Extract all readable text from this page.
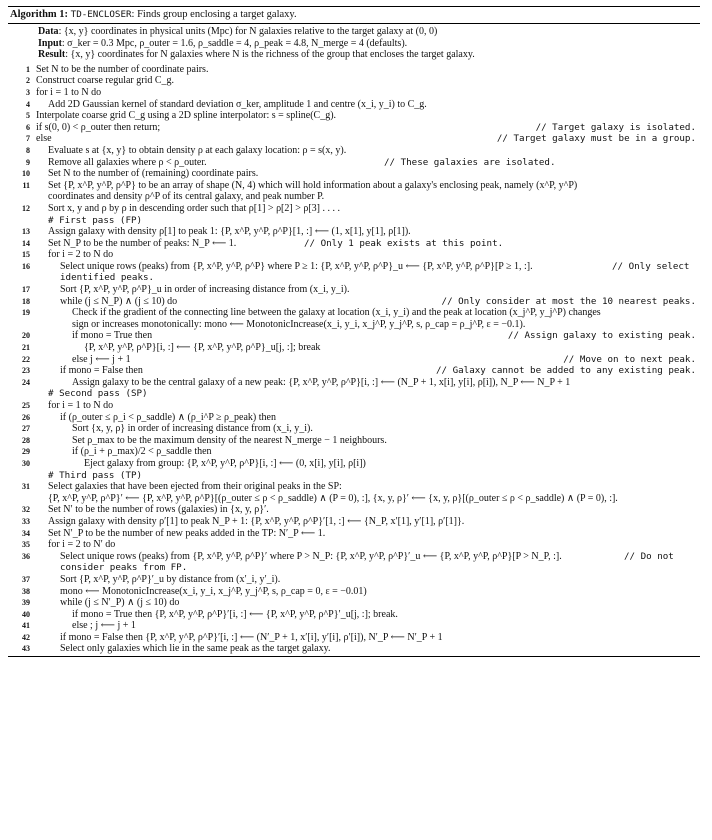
Algorithm 1: TD-ENCLOSER: Finds group enclosing a target galaxy.
Data : {x, y} coordinates in physical units (Mpc) for N galaxies relative to the target galaxy at (0, 0)
Input : σ_ker = 0.3 Mpc, ρ_outer = 1.6, ρ_saddle = 4, ρ_peak = 4.8, N_merge = 4 (defaults).
Result : {x, y} coordinates for N galaxies where N is the richness of the group that encloses the target galaxy.
1 Set N to be the number of coordinate pairs.
2 Construct coarse regular grid C_g.
3 for i = 1 to N do
4	Add 2D Gaussian kernel of standard deviation σ_ker, amplitude 1 and centre (x_i, y_i) to C_g.
5 Interpolate coarse grid C_g using a 2D spline interpolator: s = spline(C_g).
6 if s(0, 0) < ρ_outer then return;	// Target galaxy is isolated.
7 else	// Target galaxy must be in a group.
8	Evaluate s at {x, y} to obtain density ρ at each galaxy location: ρ = s(x, y).
9	Remove all galaxies where ρ < ρ_outer.	// These galaxies are isolated.
10	Set N to the number of (remaining) coordinate pairs.
11	Set {P, x^P, y^P, ρ^P} to be an array of shape (N, 4) which will hold information about a galaxy's enclosing peak, namely (x^P, y^P)
coordinates and density ρ^P of its central galaxy, and peak number P.
12	Sort x, y and ρ by ρ in descending order such that ρ[1] > ρ[2] > ρ[3] . . . .
# First pass (FP)
13	Assign galaxy with density ρ[1] to peak 1: {P, x^P, y^P, ρ^P}[1, :] ⟵ (1, x[1], y[1], ρ[1]).
14	Set N_P to be the number of peaks: N_P ⟵ 1.	// Only 1 peak exists at this point.
15	for i = 2 to N do
16	Select unique rows (peaks) from {P, x^P, y^P, ρ^P} where P ≥ 1: {P, x^P, y^P, ρ^P}_u ⟵ {P, x^P, y^P, ρ^P}[P ≥ 1, :].	// Only select
identified peaks.
17	Sort {P, x^P, y^P, ρ^P}_u in order of increasing distance from (x_i, y_i).
18	while (j ≤ N_P) ∧ (j ≤ 10) do	// Only consider at most the 10 nearest peaks.
19	Check if the gradient of the connecting line between the galaxy at location (x_i, y_i) and the peak at location (x_j^P, y_j^P) changes
sign or increases monotonically: mono ⟵ MonotonicIncrease(x_i, y_i, x_j^P, y_j^P, s, ρ_cap = ρ_j^P, ε = −0.1).
20	if mono = True then	// Assign galaxy to existing peak.
21	{P, x^P, y^P, ρ^P}[i, :] ⟵ {P, x^P, y^P, ρ^P}_u[j, :]; break
22	else j ⟵ j + 1	// Move on to next peak.
23	if mono = False then	// Galaxy cannot be added to any existing peak.
24	Assign galaxy to be the central galaxy of a new peak: {P, x^P, y^P, ρ^P}[i, :] ⟵ (N_P + 1, x[i], y[i], ρ[i]), N_P ⟵ N_P + 1
# Second pass (SP)
25	for i = 1 to N do
26	if (ρ_outer ≤ ρ_i < ρ_saddle) ∧ (ρ_i^P ≥ ρ_peak) then
27	Sort {x, y, ρ} in order of increasing distance from (x_i, y_i).
28	Set ρ_max to be the maximum density of the nearest N_merge − 1 neighbours.
29	if (ρ_i + ρ_max)/2 < ρ_saddle then
30	Eject galaxy from group: {P, x^P, y^P, ρ^P}[i, :] ⟵ (0, x[i], y[i], ρ[i])
# Third pass (TP)
31	Select galaxies that have been ejected from their original peaks in the SP:
{P, x^P, y^P, ρ^P}′ ⟵ {P, x^P, y^P, ρ^P}[(ρ_outer ≤ ρ < ρ_saddle) ∧ (P = 0), :], {x, y, ρ}′ ⟵ {x, y, ρ}[(ρ_outer ≤ ρ < ρ_saddle) ∧ (P = 0), :].
32	Set N′ to be the number of rows (galaxies) in {x, y, ρ}′.
33	Assign galaxy with density ρ′[1] to peak N_P + 1: {P, x^P, y^P, ρ^P}′[1, :] ⟵ {N_P, x′[1], y′[1], ρ′[1]}.
34	Set N′_P to be the number of new peaks added in the TP: N′_P ⟵ 1.
35	for i = 2 to N′ do
36	Select unique rows (peaks) from {P, x^P, y^P, ρ^P}′ where P > N_P: {P, x^P, y^P, ρ^P}′_u ⟵ {P, x^P, y^P, ρ^P}[P > N_P, :].	// Do not
consider peaks from FP.
37	Sort {P, x^P, y^P, ρ^P}′_u by distance from (x′_i, y′_i).
38	mono ⟵ MonotonicIncrease(x_i, y_i, x_j^P, y_j^P, s, ρ_cap = 0, ε = −0.01)
39	while (j ≤ N′_P) ∧ (j ≤ 10) do
40	if mono = True then {P, x^P, y^P, ρ^P}′[i, :] ⟵ {P, x^P, y^P, ρ^P}′_u[j, :]; break.
41	else ; j ⟵ j + 1
42	if mono = False then {P, x^P, y^P, ρ^P}′[i, :] ⟵ (N′_P + 1, x′[i], y′[i], ρ′[i]), N′_P ⟵ N′_P + 1
43	Select only galaxies which lie in the same peak as the target galaxy.
